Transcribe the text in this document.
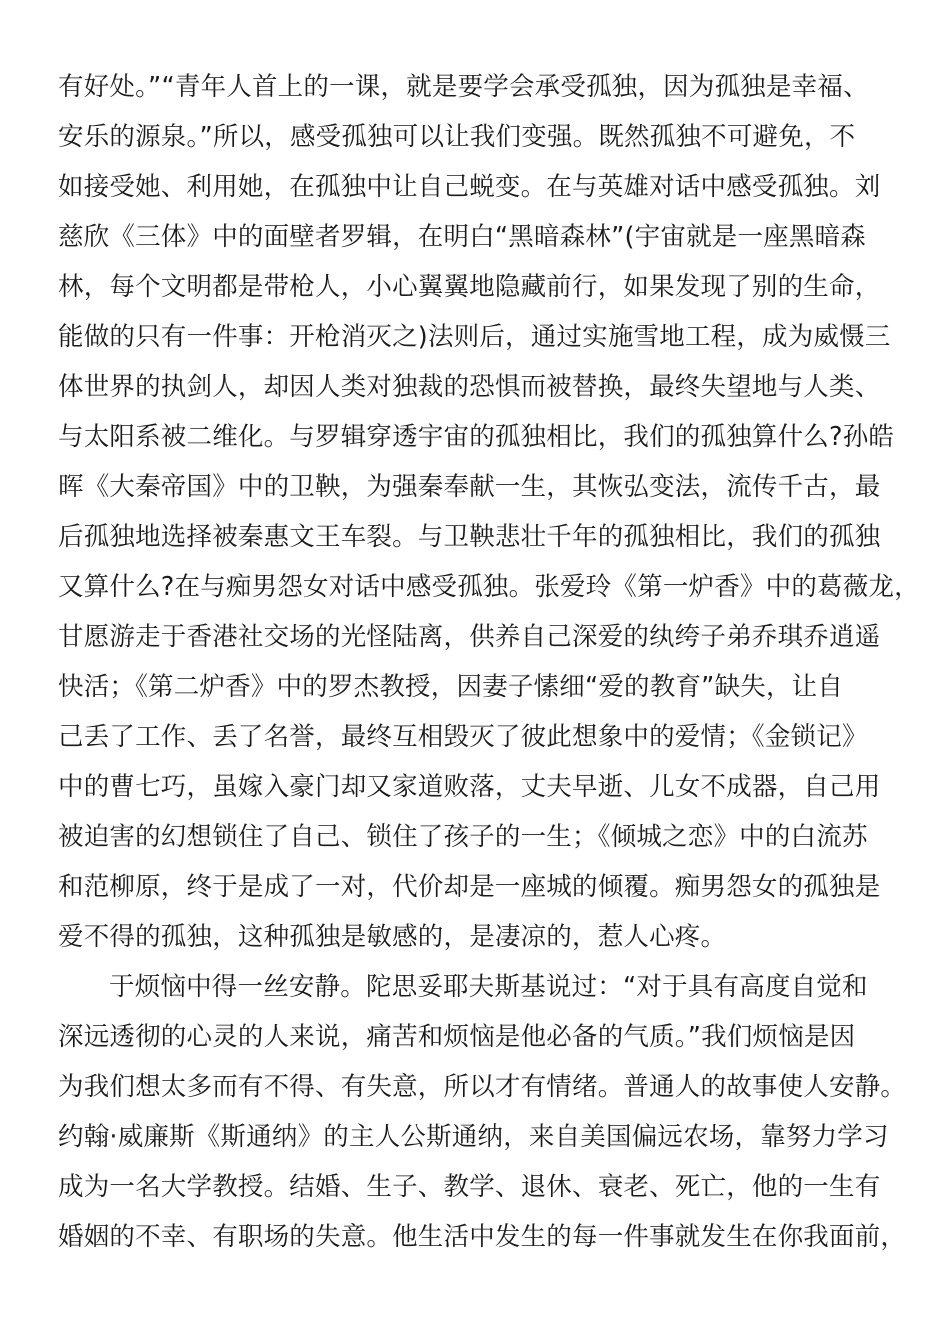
有好处。”“青年人首上的一课，就是要学会承受孤独，因为孤独是幸福、
安乐的源泉。”所以，感受孤独可以让我们变强。既然孤独不可避免，不
如接受她、利用她，在孤独中让自己蜕变。在与英雄对话中感受孤独。刘
慈欣《三体》中的面壁者罗辑，在明白“黑暗森林”(宇宙就是一座黑暗森
林，每个文明都是带枪人，小心翼翼地隐藏前行，如果发现了别的生命，
能做的只有一件事：开枪消灭之)法则后，通过实施雪地工程，成为威慑三
体世界的执剑人，却因人类对独裁的恐惧而被替换，最终失望地与人类、
与太阳系被二维化。与罗辑穿透宇宙的孤独相比，我们的孤独算什么?孙皓
晖《大秦帝国》中的卫鞅，为强秦奉献一生，其恢弘变法，流传千古，最
后孤独地选择被秦惠文王车裂。与卫鞅悲壮千年的孤独相比，我们的孤独
又算什么?在与痴男怨女对话中感受孤独。张爱玲《第一炉香》中的葛薇龙，
甘愿游走于香港社交场的光怪陆离，供养自己深爱的纨绔子弟乔琪乔逍遥
快活；《第二炉香》中的罗杰教授，因妻子愫细“爱的教育”缺失，让自
己丢了工作、丢了名誉，最终互相毁灭了彼此想象中的爱情；《金锁记》
中的曹七巧，虽嫁入豪门却又家道败落，丈夫早逝、儿女不成器，自己用
被迫害的幻想锁住了自己、锁住了孩子的一生；《倾城之恋》中的白流苏
和范柳原，终于是成了一对，代价却是一座城的倾覆。痴男怨女的孤独是
爱不得的孤独，这种孤独是敏感的，是凄凉的，惹人心疼。
于烦恼中得一丝安静。陀思妥耶夫斯基说过：“对于具有高度自觉和
深远透彻的心灵的人来说，痛苦和烦恼是他必备的气质。”我们烦恼是因
为我们想太多而有不得、有失意，所以才有情绪。普通人的故事使人安静。
约翰·威廉斯《斯通纳》的主人公斯通纳，来自美国偏远农场，靠努力学习
成为一名大学教授。结婚、生子、教学、退休、衰老、死亡，他的一生有
婚姻的不幸、有职场的失意。他生活中发生的每一件事就发生在你我面前，
